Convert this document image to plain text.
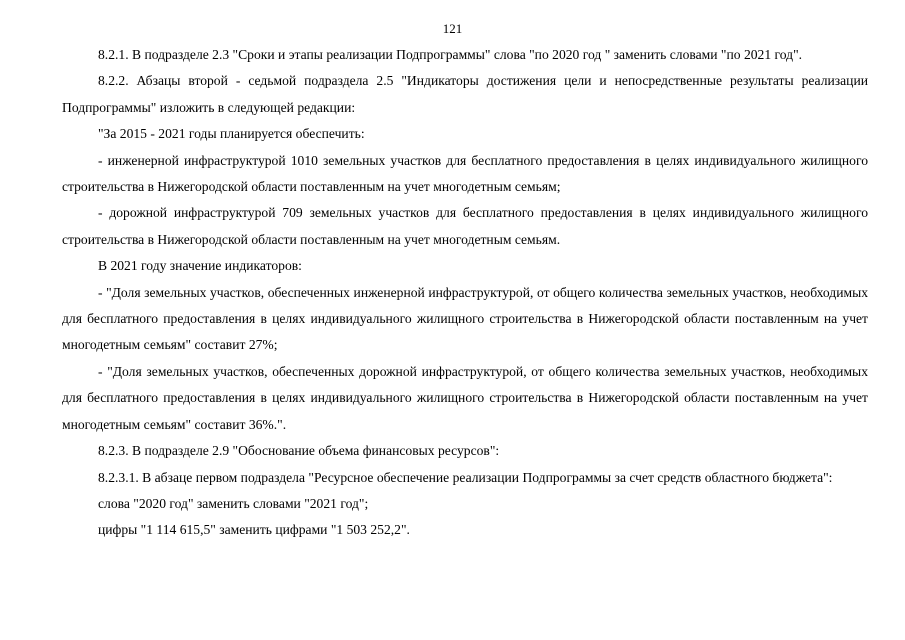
121

8.2.1. В подразделе 2.3 "Сроки и этапы реализации Подпрограммы" слова "по 2020 год " заменить словами "по 2021 год".

8.2.2. Абзацы второй - седьмой подраздела 2.5 "Индикаторы достижения цели и непосредственные результаты реализации Подпрограммы" изложить в следующей редакции:

"За 2015 - 2021 годы планируется обеспечить:

- инженерной инфраструктурой 1010 земельных участков для бесплатного предоставления в целях индивидуального жилищного строительства в Нижегородской области поставленным на учет многодетным семьям;

- дорожной инфраструктурой 709 земельных участков для бесплатного предоставления в целях индивидуального жилищного строительства в Нижегородской области поставленным на учет многодетным семьям.

В 2021 году значение индикаторов:

- "Доля земельных участков, обеспеченных инженерной инфраструктурой, от общего количества земельных участков, необходимых для бесплатного предоставления в целях индивидуального жилищного строительства в Нижегородской области поставленным на учет многодетным семьям" составит 27%;

- "Доля земельных участков, обеспеченных дорожной инфраструктурой, от общего количества земельных участков, необходимых для бесплатного предоставления в целях индивидуального жилищного строительства в Нижегородской области поставленным на учет многодетным семьям" составит 36%.".

8.2.3. В подразделе 2.9 "Обоснование объема финансовых ресурсов":

8.2.3.1. В абзаце первом подраздела "Ресурсное обеспечение реализации Подпрограммы за счет средств областного бюджета":

слова "2020 год" заменить словами "2021 год";

цифры "1 114 615,5" заменить цифрами "1 503 252,2".
